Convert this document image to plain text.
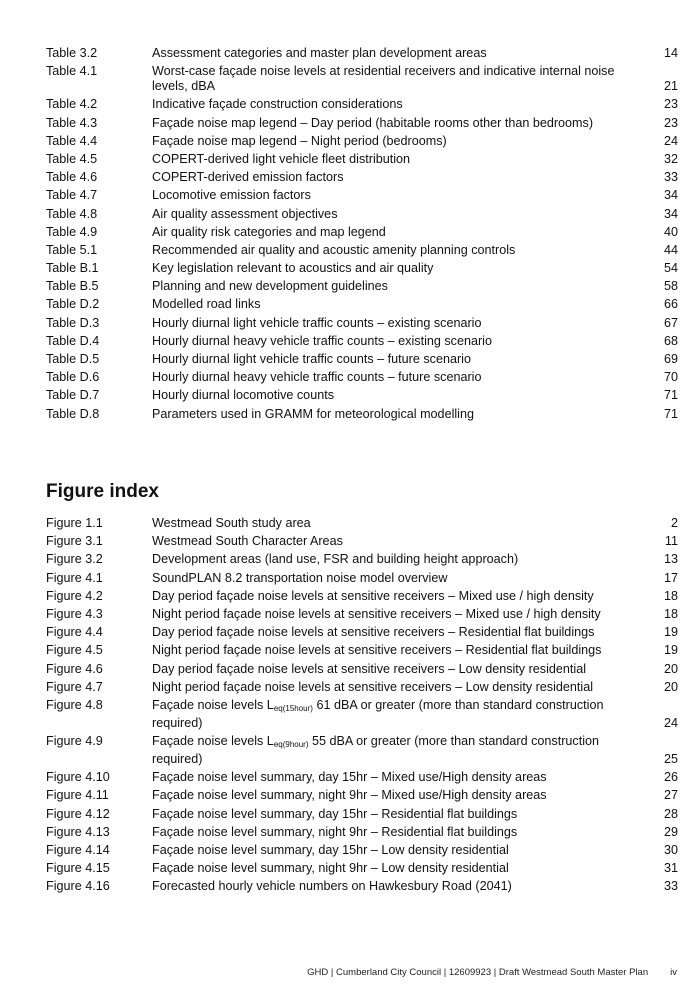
Table 3.2	Assessment categories and master plan development areas	14
Table 4.1	Worst-case façade noise levels at residential receivers and indicative internal noise levels, dBA	21
Table 4.2	Indicative façade construction considerations	23
Table 4.3	Façade noise map legend – Day period (habitable rooms other than bedrooms)	23
Table 4.4	Façade noise map legend – Night period (bedrooms)	24
Table 4.5	COPERT-derived light vehicle fleet distribution	32
Table 4.6	COPERT-derived emission factors	33
Table 4.7	Locomotive emission factors	34
Table 4.8	Air quality assessment objectives	34
Table 4.9	Air quality risk categories and map legend	40
Table 5.1	Recommended air quality and acoustic amenity planning controls	44
Table B.1	Key legislation relevant to acoustics and air quality	54
Table B.5	Planning and new development guidelines	58
Table D.2	Modelled road links	66
Table D.3	Hourly diurnal light vehicle traffic counts – existing scenario	67
Table D.4	Hourly diurnal heavy vehicle traffic counts – existing scenario	68
Table D.5	Hourly diurnal light vehicle traffic counts – future scenario	69
Table D.6	Hourly diurnal heavy vehicle traffic counts – future scenario	70
Table D.7	Hourly diurnal locomotive counts	71
Table D.8	Parameters used in GRAMM for meteorological modelling	71
Figure index
Figure 1.1	Westmead South study area	2
Figure 3.1	Westmead South Character Areas	11
Figure 3.2	Development areas (land use, FSR and building height approach)	13
Figure 4.1	SoundPLAN 8.2 transportation noise model overview	17
Figure 4.2	Day period façade noise levels at sensitive receivers – Mixed use / high density	18
Figure 4.3	Night period façade noise levels at sensitive receivers – Mixed use / high density	18
Figure 4.4	Day period façade noise levels at sensitive receivers – Residential flat buildings	19
Figure 4.5	Night period façade noise levels at sensitive receivers – Residential flat buildings	19
Figure 4.6	Day period façade noise levels at sensitive receivers – Low density residential	20
Figure 4.7	Night period façade noise levels at sensitive receivers – Low density residential	20
Figure 4.8	Façade noise levels $L_{eq(15hour)}$ 61 dBA or greater (more than standard construction required)	24
Figure 4.9	Façade noise levels $L_{eq(9hour)}$ 55 dBA or greater (more than standard construction required)	25
Figure 4.10	Façade noise level summary, day 15hr – Mixed use/High density areas	26
Figure 4.11	Façade noise level summary, night 9hr – Mixed use/High density areas	27
Figure 4.12	Façade noise level summary, day 15hr – Residential flat buildings	28
Figure 4.13	Façade noise level summary, night 9hr – Residential flat buildings	29
Figure 4.14	Façade noise level summary, day 15hr – Low density residential	30
Figure 4.15	Façade noise level summary, night 9hr – Low density residential	31
Figure 4.16	Forecasted hourly vehicle numbers on Hawkesbury Road (2041)	33
GHD | Cumberland City Council | 12609923 | Draft Westmead South Master Plan iv
